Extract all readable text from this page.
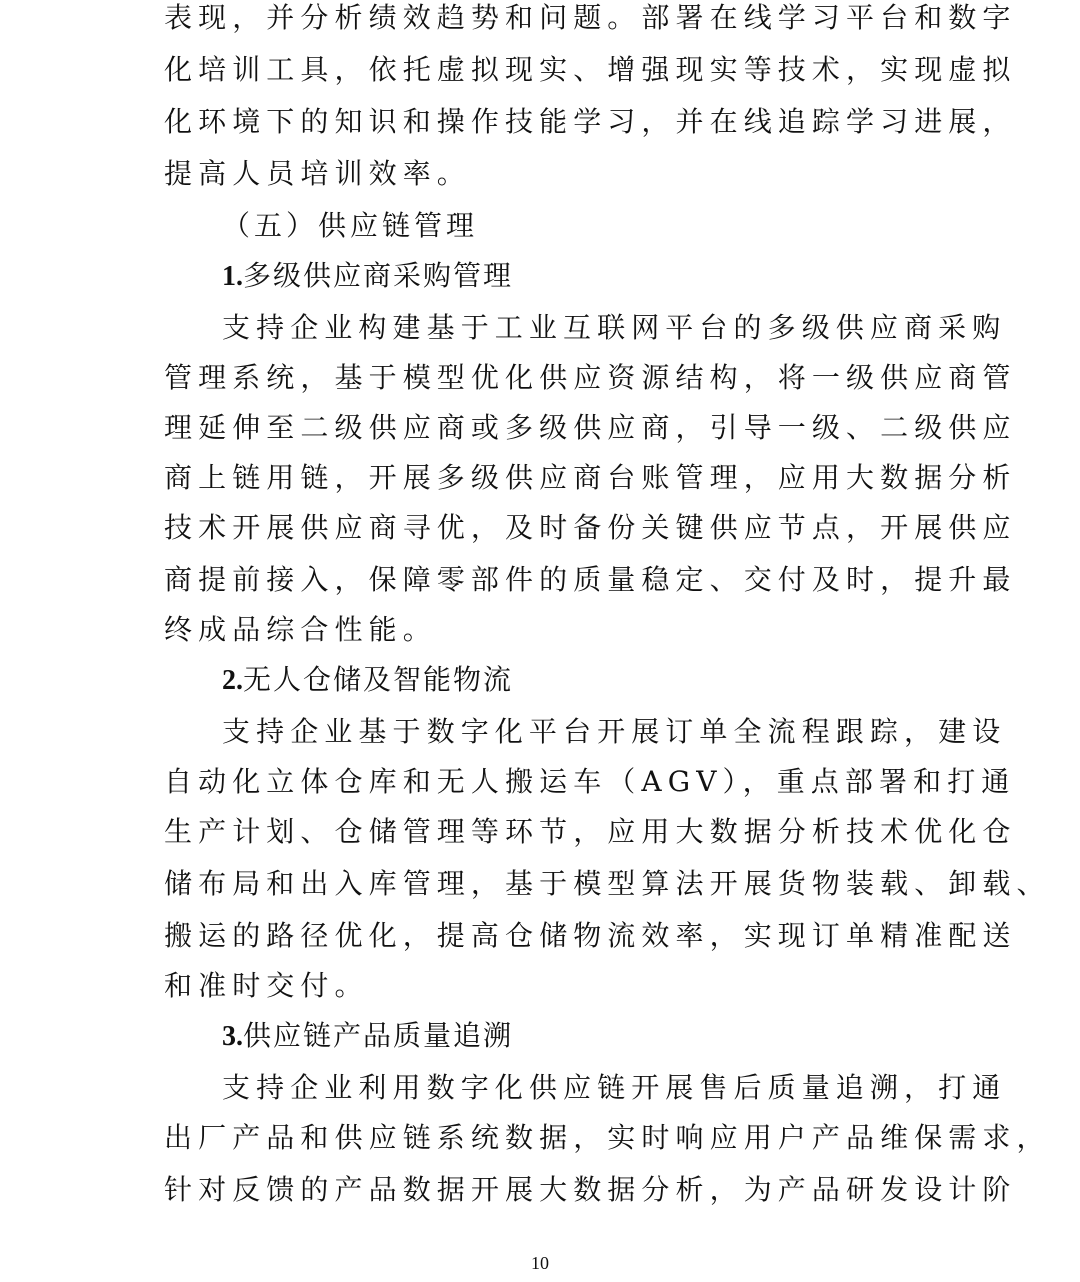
表现，并分析绩效趋势和问题。部署在线学习平台和数字
化培训工具，依托虚拟现实、增强现实等技术，实现虚拟
化环境下的知识和操作技能学习，并在线追踪学习进展，
提高人员培训效率。
（五）供应链管理
1.多级供应商采购管理
支持企业构建基于工业互联网平台的多级供应商采购
管理系统，基于模型优化供应资源结构，将一级供应商管
理延伸至二级供应商或多级供应商，引导一级、二级供应
商上链用链，开展多级供应商台账管理，应用大数据分析
技术开展供应商寻优，及时备份关键供应节点，开展供应
商提前接入，保障零部件的质量稳定、交付及时，提升最
终成品综合性能。
2.无人仓储及智能物流
支持企业基于数字化平台开展订单全流程跟踪，建设
自动化立体仓库和无人搬运车（AGV），重点部署和打通
生产计划、仓储管理等环节，应用大数据分析技术优化仓
储布局和出入库管理，基于模型算法开展货物装载、卸载、
搬运的路径优化，提高仓储物流效率，实现订单精准配送
和准时交付。
3.供应链产品质量追溯
支持企业利用数字化供应链开展售后质量追溯，打通
出厂产品和供应链系统数据，实时响应用户产品维保需求，
针对反馈的产品数据开展大数据分析，为产品研发设计阶
10
